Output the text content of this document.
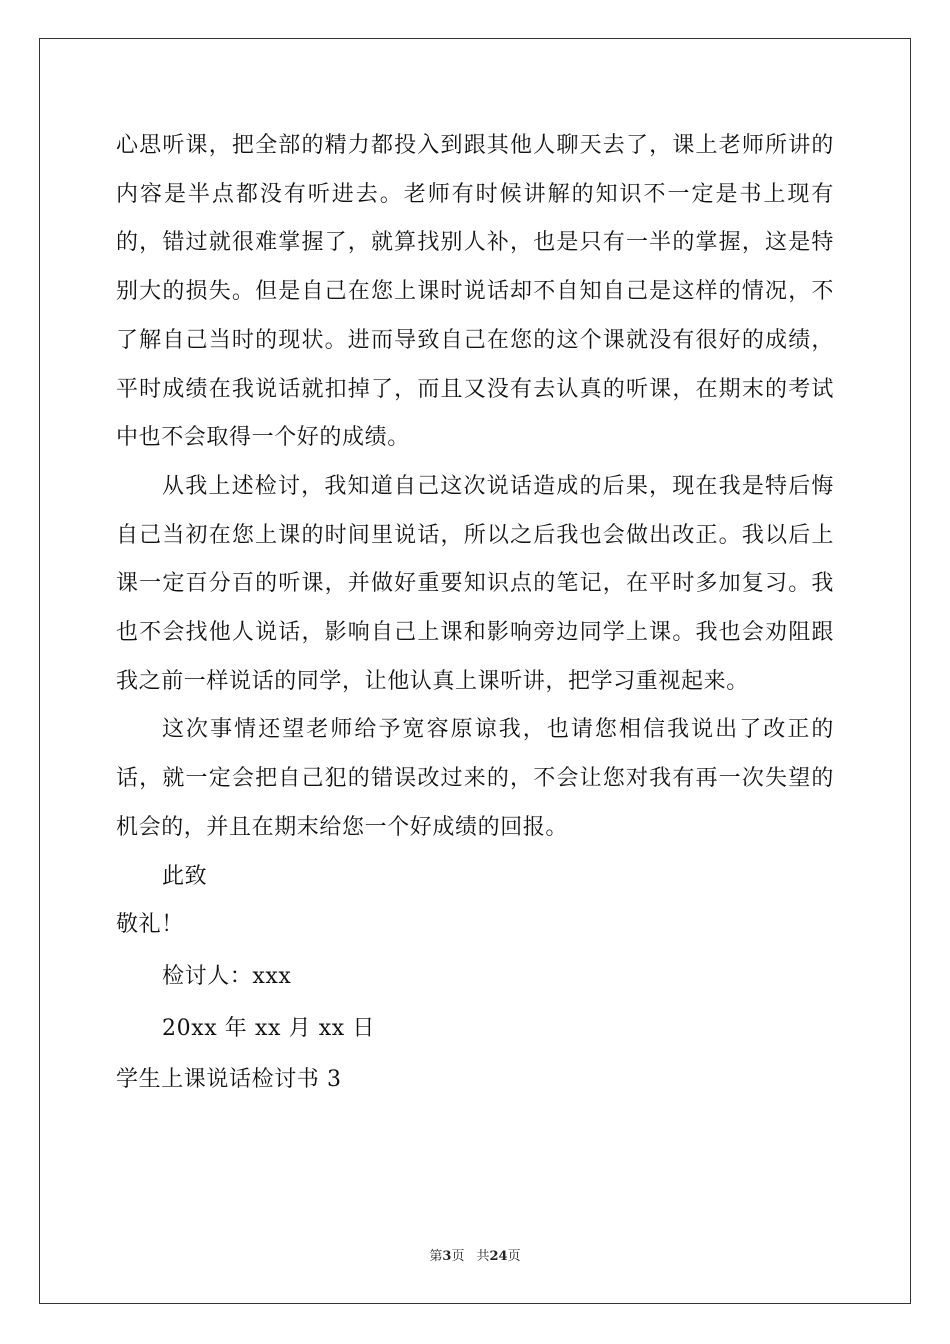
心思听课，把全部的精力都投入到跟其他人聊天去了，课上老师所讲的内容是半点都没有听进去。老师有时候讲解的知识不一定是书上现有的，错过就很难掌握了，就算找别人补，也是只有一半的掌握，这是特别大的损失。但是自己在您上课时说话却不自知自己是这样的情况，不了解自己当时的现状。进而导致自己在您的这个课就没有很好的成绩，平时成绩在我说话就扣掉了，而且又没有去认真的听课，在期末的考试中也不会取得一个好的成绩。

从我上述检讨，我知道自己这次说话造成的后果，现在我是特后悔自己当初在您上课的时间里说话，所以之后我也会做出改正。我以后上课一定百分百的听课，并做好重要知识点的笔记，在平时多加复习。我也不会找他人说话，影响自己上课和影响旁边同学上课。我也会劝阻跟我之前一样说话的同学，让他认真上课听讲，把学习重视起来。

这次事情还望老师给予宽容原谅我，也请您相信我说出了改正的话，就一定会把自己犯的错误改过来的，不会让您对我有再一次失望的机会的，并且在期末给您一个好成绩的回报。

此致

敬礼！

检讨人：xxx

20xx 年 xx 月 xx 日

学生上课说话检讨书 3

第3页 共24页
